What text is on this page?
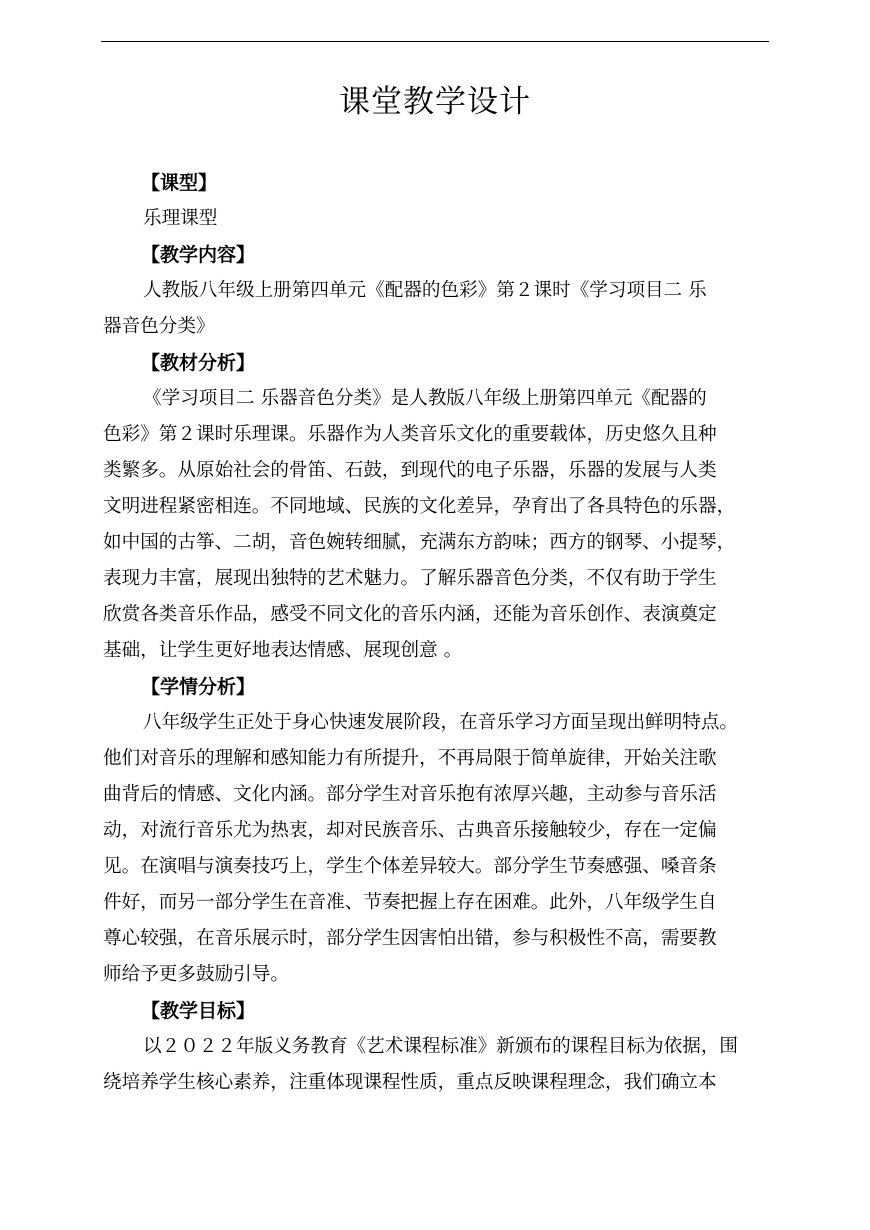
课堂教学设计
【课型】
乐理课型
【教学内容】
人教版八年级上册第四单元《配器的色彩》第２课时《学习项目二 乐
器音色分类》
【教材分析】
《学习项目二 乐器音色分类》是人教版八年级上册第四单元《配器的
色彩》第２课时乐理课。乐器作为人类音乐文化的重要载体，历史悠久且种
类繁多。从原始社会的骨笛、石鼓，到现代的电子乐器，乐器的发展与人类
文明进程紧密相连。不同地域、民族的文化差异，孕育出了各具特色的乐器，
如中国的古筝、二胡，音色婉转细腻，充满东方韵味；西方的钢琴、小提琴，
表现力丰富，展现出独特的艺术魅力。了解乐器音色分类，不仅有助于学生
欣赏各类音乐作品，感受不同文化的音乐内涵，还能为音乐创作、表演奠定
基础，让学生更好地表达情感、展现创意 。
【学情分析】
八年级学生正处于身心快速发展阶段，在音乐学习方面呈现出鲜明特点。
他们对音乐的理解和感知能力有所提升，不再局限于简单旋律，开始关注歌
曲背后的情感、文化内涵。部分学生对音乐抱有浓厚兴趣，主动参与音乐活
动，对流行音乐尤为热衷，却对民族音乐、古典音乐接触较少，存在一定偏
见。在演唱与演奏技巧上，学生个体差异较大。部分学生节奏感强、嗓音条
件好，而另一部分学生在音准、节奏把握上存在困难。此外，八年级学生自
尊心较强，在音乐展示时，部分学生因害怕出错，参与积极性不高，需要教
师给予更多鼓励引导。
【教学目标】
以２０２２年版义务教育《艺术课程标准》新颁布的课程目标为依据，围
绕培养学生核心素养，注重体现课程性质，重点反映课程理念，我们确立本
